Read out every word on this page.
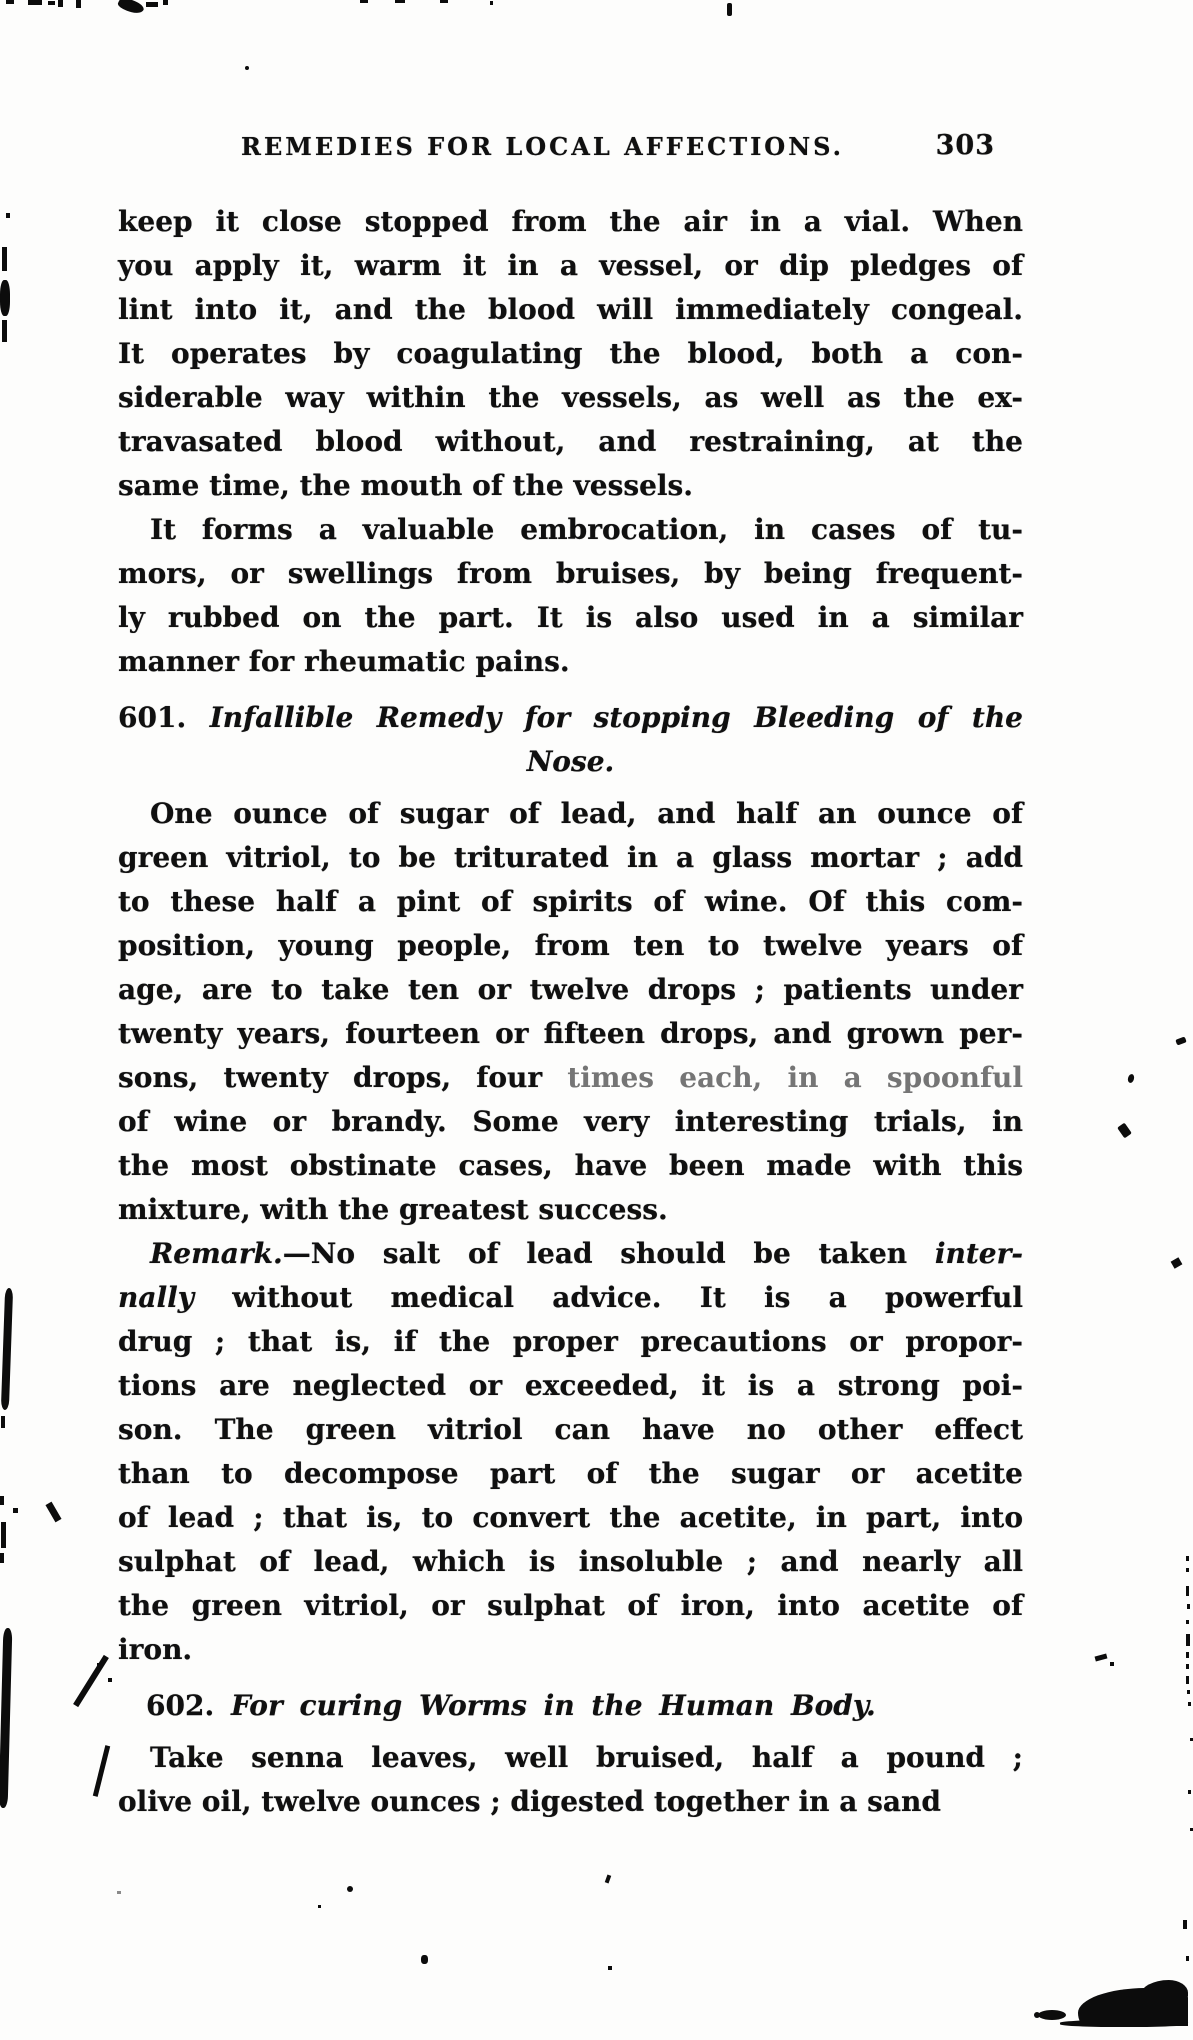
REMEDIES FOR LOCAL AFFECTIONS.	303
keep it close stopped from the air in a vial. When
you apply it, warm it in a vessel, or dip pledges of
lint into it, and the blood will immediately congeal.
It operates by coagulating the blood, both a con-
siderable way within the vessels, as well as the ex-
travasated blood without, and restraining, at the
same time, the mouth of the vessels.
It forms a valuable embrocation, in cases of tu-
mors, or swellings from bruises, by being frequent-
ly rubbed on the part. It is also used in a similar
manner for rheumatic pains.
601. Infallible Remedy for stopping Bleeding of the
Nose.
One ounce of sugar of lead, and half an ounce of
green vitriol, to be triturated in a glass mortar ; add
to these half a pint of spirits of wine. Of this com-
position, young people, from ten to twelve years of
age, are to take ten or twelve drops ; patients under
twenty years, fourteen or fifteen drops, and grown per-
sons, twenty drops, four times each, in a spoonful
of wine or brandy. Some very interesting trials, in
the most obstinate cases, have been made with this
mixture, with the greatest success.
Remark.—No salt of lead should be taken inter-
nally without medical advice. It is a powerful
drug ; that is, if the proper precautions or propor-
tions are neglected or exceeded, it is a strong poi-
son. The green vitriol can have no other effect
than to decompose part of the sugar or acetite
of lead ; that is, to convert the acetite, in part, into
sulphat of lead, which is insoluble ; and nearly all
the green vitriol, or sulphat of iron, into acetite of
iron.
602. For curing Worms in the Human Body.
Take senna leaves, well bruised, half a pound ;
olive oil, twelve ounces ; digested together in a sand
